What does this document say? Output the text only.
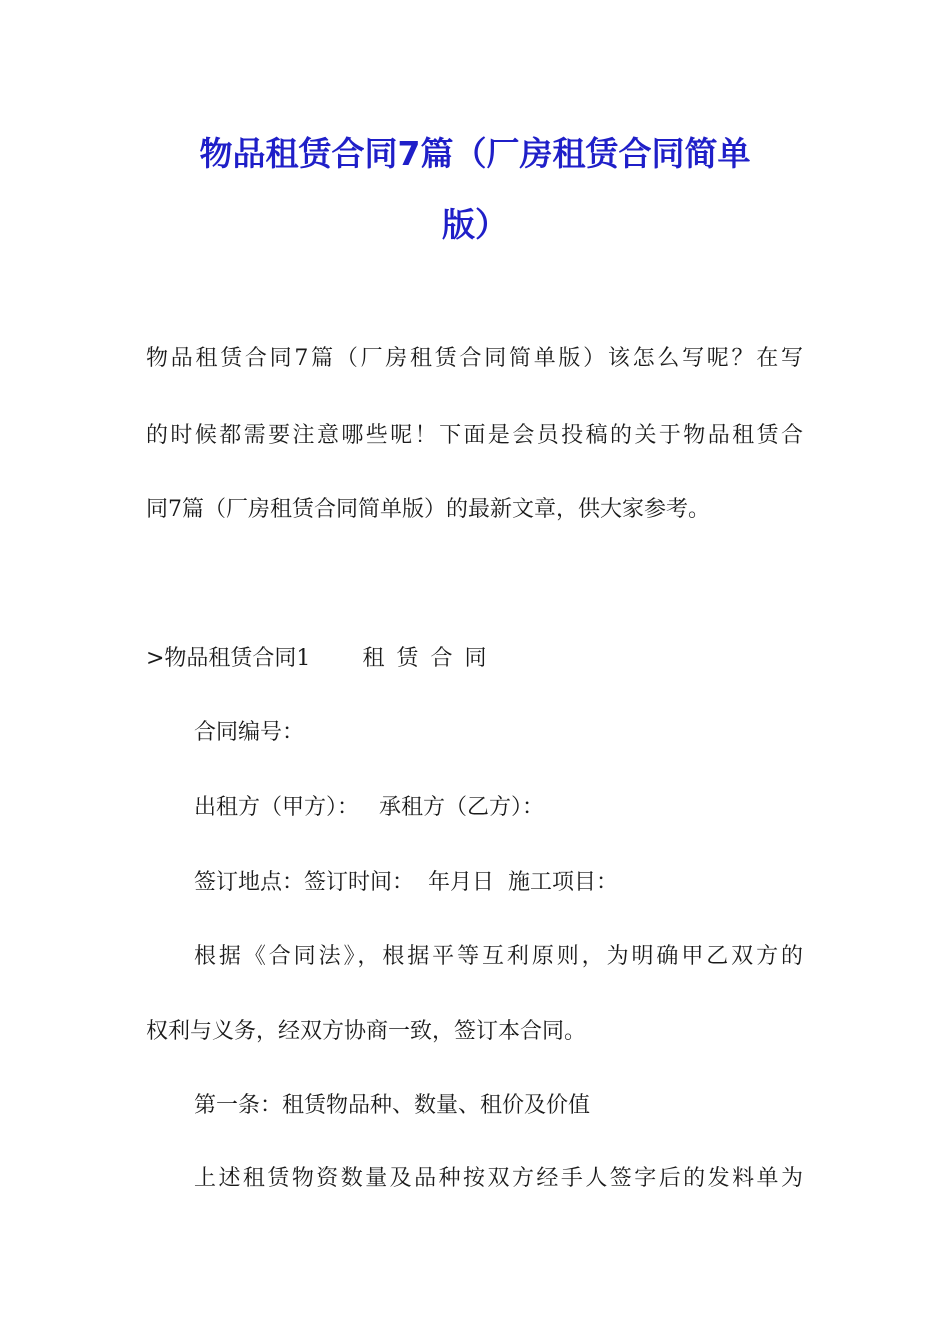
物品租赁合同7篇（厂房租赁合同简单
版）
物品租赁合同7篇（厂房租赁合同简单版）该怎么写呢？在写
的时候都需要注意哪些呢！下面是会员投稿的关于物品租赁合
同7篇（厂房租赁合同简单版）的最新文章，供大家参考。
>物品租赁合同1 租赁合同
合同编号：
出租方（甲方）： 承租方（乙方）：
签订地点：签订时间： 年月日 施工项目：
根据《合同法》，根据平等互利原则，为明确甲乙双方的
权利与义务，经双方协商一致，签订本合同。
第一条：租赁物品种、数量、租价及价值
上述租赁物资数量及品种按双方经手人签字后的发料单为
